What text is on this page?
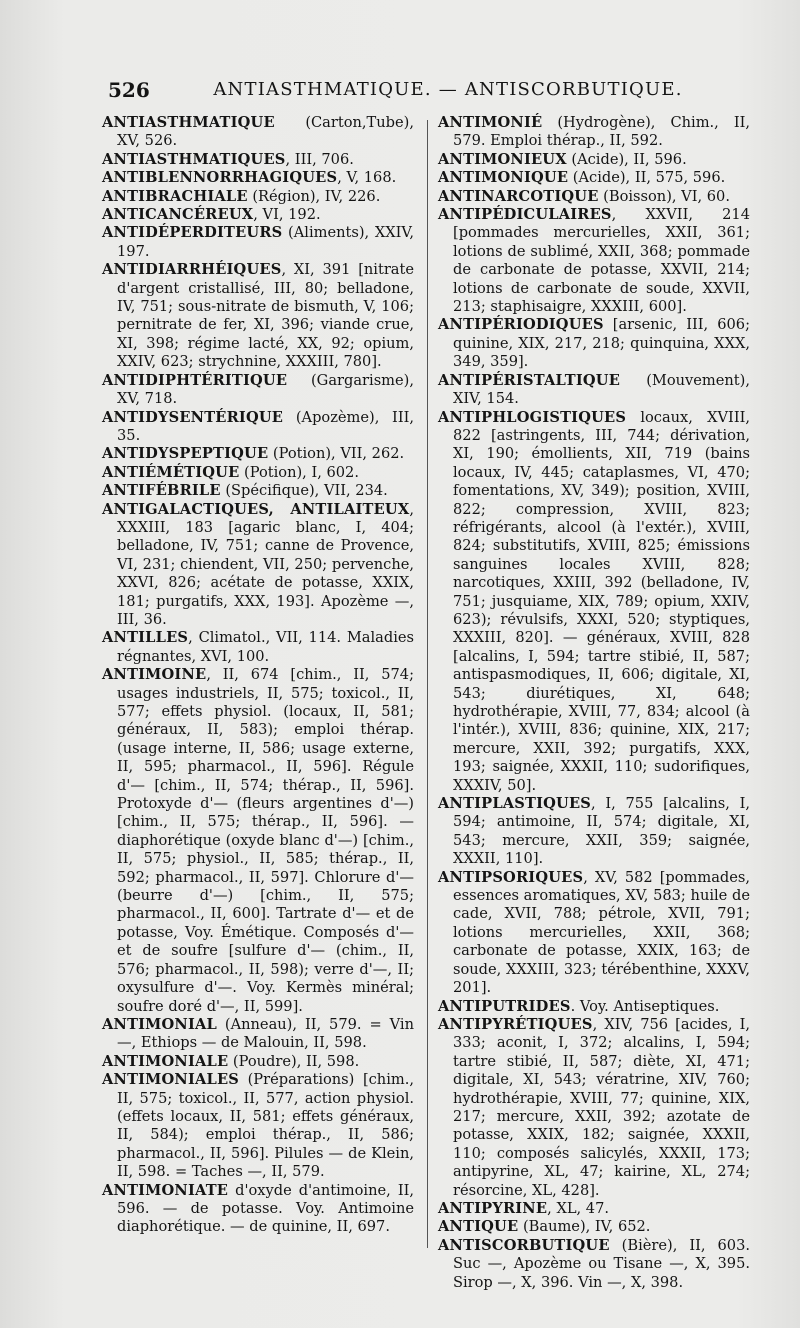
526	ANTIASTHMATIQUE. — ANTISCORBUTIQUE.

ANTIASTHMATIQUE (Carton,Tube), XV, 526.

ANTIASTHMATIQUES, III, 706.

ANTIBLENNORRHAGIQUES, V, 168.

ANTIBRACHIALE (Région), IV, 226.

ANTICANCÉREUX, VI, 192.

ANTIDÉPERDITEURS (Aliments), XXIV, 197.

ANTIDIARRHÉIQUES, XI, 391 [nitrate d'argent cristallisé, III, 80; belladone, IV, 751; sous-nitrate de bismuth, V, 106; pernitrate de fer, XI, 396; viande crue, XI, 398; régime lacté, XX, 92; opium, XXIV, 623; strychnine, XXXIII, 780].

ANTIDIPHTÉRITIQUE (Gargarisme), XV, 718.

ANTIDYSENTÉRIQUE (Apozème), III, 35.

ANTIDYSPEPTIQUE (Potion), VII, 262.

ANTIÉMÉTIQUE (Potion), I, 602.

ANTIFÉBRILE (Spécifique), VII, 234.

ANTIGALACTIQUES, ANTILAITEUX, XXXIII, 183 [agaric blanc, I, 404; belladone, IV, 751; canne de Provence, VI, 231; chiendent, VII, 250; pervenche, XXVI, 826; acétate de potasse, XXIX, 181; purgatifs, XXX, 193]. Apozème —, III, 36.

ANTILLES, Climatol., VII, 114. Maladies régnantes, XVI, 100.

ANTIMOINE, II, 674 [chim., II, 574; usages industriels, II, 575; toxicol., II, 577; effets physiol. (locaux, II, 581; généraux, II, 583); emploi thérap. (usage interne, II, 586; usage externe, II, 595; pharmacol., II, 596]. Régule d'— [chim., II, 574; thérap., II, 596]. Protoxyde d'— (fleurs argentines d'—) [chim., II, 575; thérap., II, 596]. — diaphorétique (oxyde blanc d'—) [chim., II, 575; physiol., II, 585; thérap., II, 592; pharmacol., II, 597]. Chlorure d'— (beurre d'—) [chim., II, 575; pharmacol., II, 600]. Tartrate d'— et de potasse, Voy. Émétique. Composés d'— et de soufre [sulfure d'— (chim., II, 576; pharmacol., II, 598); verre d'—, II; oxysulfure d'—. Voy. Kermès minéral; soufre doré d'—, II, 599].

ANTIMONIAL (Anneau), II, 579. = Vin —, Ethiops — de Malouin, II, 598.

ANTIMONIALE (Poudre), II, 598.

ANTIMONIALES (Préparations) [chim., II, 575; toxicol., II, 577, action physiol. (effets locaux, II, 581; effets généraux, II, 584); emploi thérap., II, 586; pharmacol., II, 596]. Pilules — de Klein, II, 598. = Taches —, II, 579.

ANTIMONIATE d'oxyde d'antimoine, II, 596. — de potasse. Voy. Antimoine diaphorétique. — de quinine, II, 697.

ANTIMONIÉ (Hydrogène), Chim., II, 579. Emploi thérap., II, 592.

ANTIMONIEUX (Acide), II, 596.

ANTIMONIQUE (Acide), II, 575, 596.

ANTINARCOTIQUE (Boisson), VI, 60.

ANTIPÉDICULAIRES, XXVII, 214 [pommades mercurielles, XXII, 361; lotions de sublimé, XXII, 368; pommade de carbonate de potasse, XXVII, 214; lotions de carbonate de soude, XXVII, 213; staphisaigre, XXXIII, 600].

ANTIPÉRIODIQUES [arsenic, III, 606; quinine, XIX, 217, 218; quinquina, XXX, 349, 359].

ANTIPÉRISTALTIQUE (Mouvement), XIV, 154.

ANTIPHLOGISTIQUES locaux, XVIII, 822 [astringents, III, 744; dérivation, XI, 190; émollients, XII, 719 (bains locaux, IV, 445; cataplasmes, VI, 470; fomentations, XV, 349); position, XVIII, 822; compression, XVIII, 823; réfrigérants, alcool (à l'extér.), XVIII, 824; substitutifs, XVIII, 825; émissions sanguines locales XVIII, 828; narcotiques, XXIII, 392 (belladone, IV, 751; jusquiame, XIX, 789; opium, XXIV, 623); révulsifs, XXXI, 520; styptiques, XXXIII, 820]. — généraux, XVIII, 828 [alcalins, I, 594; tartre stibié, II, 587; antispasmodiques, II, 606; digitale, XI, 543; diurétiques, XI, 648; hydrothérapie, XVIII, 77, 834; alcool (à l'intér.), XVIII, 836; quinine, XIX, 217; mercure, XXII, 392; purgatifs, XXX, 193; saignée, XXXII, 110; sudorifiques, XXXIV, 50].

ANTIPLASTIQUES, I, 755 [alcalins, I, 594; antimoine, II, 574; digitale, XI, 543; mercure, XXII, 359; saignée, XXXII, 110].

ANTIPSORIQUES, XV, 582 [pommades, essences aromatiques, XV, 583; huile de cade, XVII, 788; pétrole, XVII, 791; lotions mercurielles, XXII, 368; carbonate de potasse, XXIX, 163; de soude, XXXIII, 323; térébenthine, XXXV, 201].

ANTIPUTRIDES. Voy. Antiseptiques.

ANTIPYRÉTIQUES, XIV, 756 [acides, I, 333; aconit, I, 372; alcalins, I, 594; tartre stibié, II, 587; diète, XI, 471; digitale, XI, 543; vératrine, XIV, 760; hydrothérapie, XVIII, 77; quinine, XIX, 217; mercure, XXII, 392; azotate de potasse, XXIX, 182; saignée, XXXII, 110; composés salicylés, XXXII, 173; antipyrine, XL, 47; kairine, XL, 274; résorcine, XL, 428].

ANTIPYRINE, XL, 47.

ANTIQUE (Baume), IV, 652.

ANTISCORBUTIQUE (Bière), II, 603. Suc —, Apozème ou Tisane —, X, 395. Sirop —, X, 396. Vin —, X, 398.
